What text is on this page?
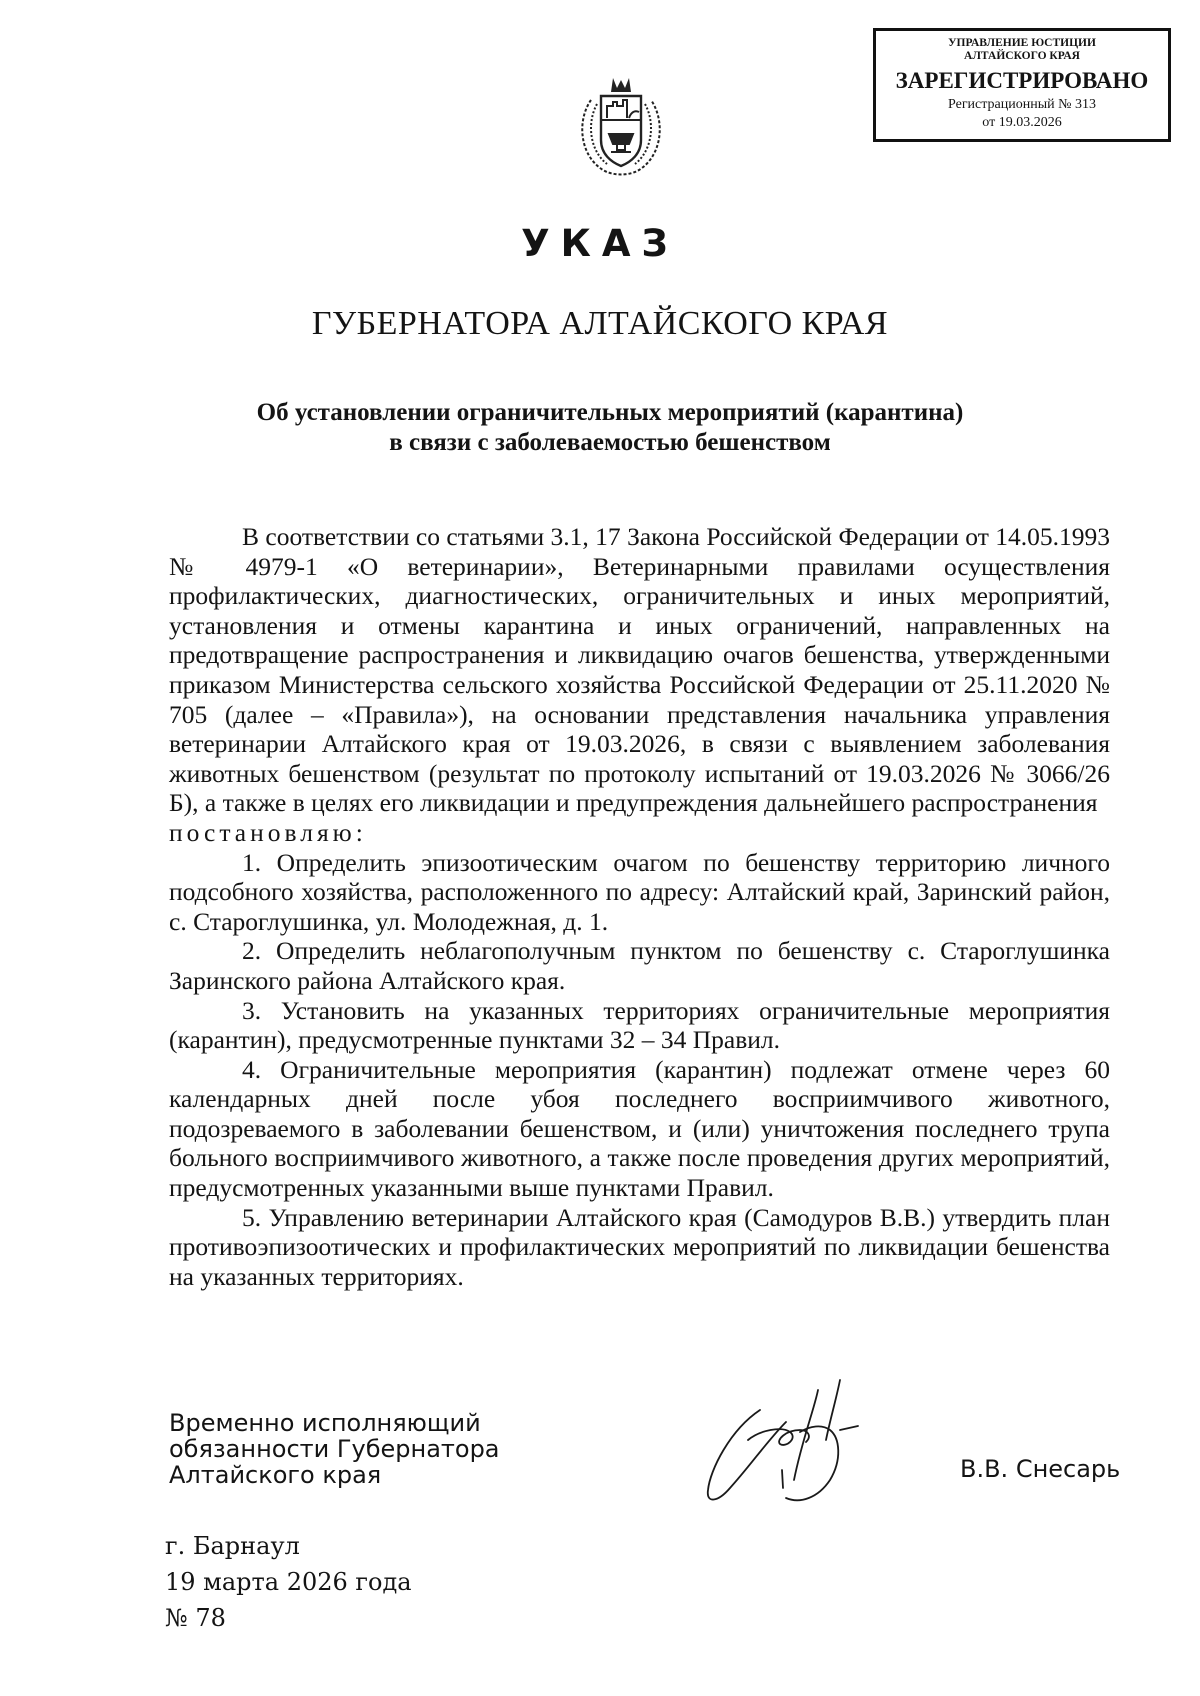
УПРАВЛЕНИЕ ЮСТИЦИИ
АЛТАЙСКОГО КРАЯ
ЗАРЕГИСТРИРОВАНО
Регистрационный № 313
от 19.03.2026
УКАЗ
ГУБЕРНАТОРА АЛТАЙСКОГО КРАЯ
Об установлении ограничительных мероприятий (карантина)
в связи с заболеваемостью бешенством

В соответствии со статьями 3.1, 17 Закона Российской Федерации от 14.05.1993 № 4979-1 «О ветеринарии», Ветеринарными правилами осуществления профилактических, диагностических, ограничительных и иных мероприятий, установления и отмены карантина и иных ограничений, направленных на предотвращение распространения и ликвидацию очагов бешенства, утвержденными приказом Министерства сельского хозяйства Российской Федерации от 25.11.2020 № 705 (далее – «Правила»), на основании представления начальника управления ветеринарии Алтайского края от 19.03.2026, в связи с выявлением заболевания животных бешенством (результат по протоколу испытаний от 19.03.2026 № 3066/26 Б), а также в целях его ликвидации и предупреждения дальнейшего распространения

постановляю:

1. Определить эпизоотическим очагом по бешенству территорию личного подсобного хозяйства, расположенного по адресу: Алтайский край, Заринский район, с. Староглушинка, ул. Молодежная, д. 1.

2. Определить неблагополучным пунктом по бешенству с. Староглушинка Заринского района Алтайского края.

3. Установить на указанных территориях ограничительные мероприятия (карантин), предусмотренные пунктами 32 – 34 Правил.

4. Ограничительные мероприятия (карантин) подлежат отмене через 60 календарных дней после убоя последнего восприимчивого животного, подозреваемого в заболевании бешенством, и (или) уничтожения последнего трупа больного восприимчивого животного, а также после проведения других мероприятий, предусмотренных указанными выше пунктами Правил.

5. Управлению ветеринарии Алтайского края (Самодуров В.В.) утвердить план противоэпизоотических и профилактических мероприятий по ликвидации бешенства на указанных территориях.

Временно исполняющий
обязанности Губернатора
Алтайского края	В.В. Снесарь
г. Барнаул
19 марта 2026 года
№ 78
